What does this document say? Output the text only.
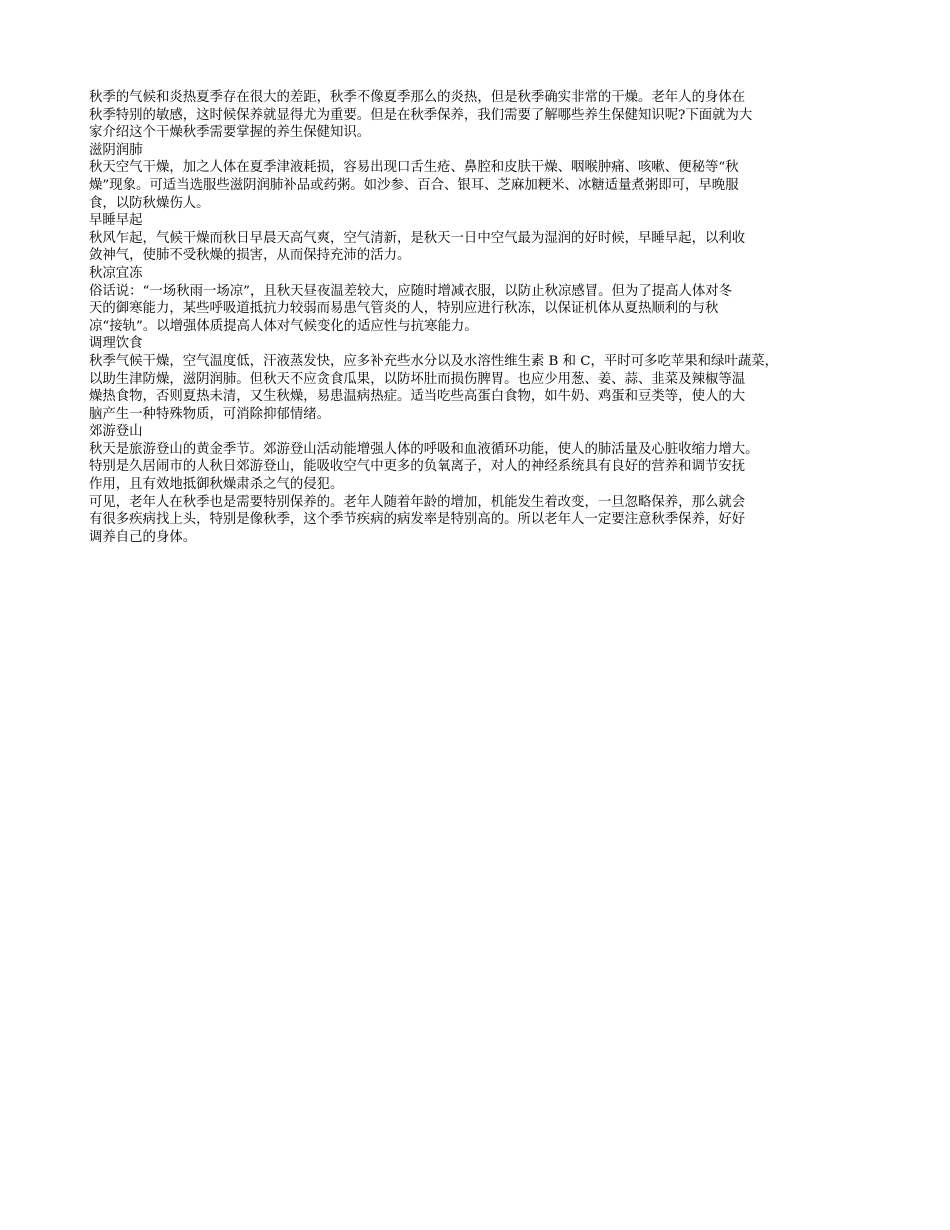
秋季的气候和炎热夏季存在很大的差距，秋季不像夏季那么的炎热，但是秋季确实非常的干燥。老年人的身体在
秋季特别的敏感，这时候保养就显得尤为重要。但是在秋季保养，我们需要了解哪些养生保健知识呢?下面就为大
家介绍这个干燥秋季需要掌握的养生保健知识。
滋阴润肺
秋天空气干燥，加之人体在夏季津液耗损，容易出现口舌生疮、鼻腔和皮肤干燥、咽喉肿痛、咳嗽、便秘等“秋
燥”现象。可适当选服些滋阴润肺补品或药粥。如沙参、百合、银耳、芝麻加粳米、冰糖适量煮粥即可，早晚服
食，以防秋燥伤人。
早睡早起
秋风乍起，气候干燥而秋日早晨天高气爽，空气清新，是秋天一日中空气最为湿润的好时候，早睡早起，以利收
敛神气，使肺不受秋燥的损害，从而保持充沛的活力。
秋凉宜冻
俗话说：“一场秋雨一场凉”，且秋天昼夜温差较大，应随时增减衣服，以防止秋凉感冒。但为了提高人体对冬
天的御寒能力，某些呼吸道抵抗力较弱而易患气管炎的人，特别应进行秋冻，以保证机体从夏热顺利的与秋
凉“接轨”。以增强体质提高人体对气候变化的适应性与抗寒能力。
调理饮食
秋季气候干燥，空气温度低，汗液蒸发快，应多补充些水分以及水溶性维生素 B 和 C，平时可多吃苹果和绿叶蔬菜，
以助生津防燥，滋阴润肺。但秋天不应贪食瓜果，以防坏肚而损伤脾胃。也应少用葱、姜、蒜、韭菜及辣椒等温
燥热食物，否则夏热未清，又生秋燥，易患温病热症。适当吃些高蛋白食物，如牛奶、鸡蛋和豆类等，使人的大
脑产生一种特殊物质，可消除抑郁情绪。
郊游登山
秋天是旅游登山的黄金季节。郊游登山活动能增强人体的呼吸和血液循环功能，使人的肺活量及心脏收缩力增大。
特别是久居闹市的人秋日郊游登山，能吸收空气中更多的负氧离子，对人的神经系统具有良好的营养和调节安抚
作用，且有效地抵御秋燥肃杀之气的侵犯。
可见，老年人在秋季也是需要特别保养的。老年人随着年龄的增加，机能发生着改变，一旦忽略保养，那么就会
有很多疾病找上头，特别是像秋季，这个季节疾病的病发率是特别高的。所以老年人一定要注意秋季保养，好好
调养自己的身体。
